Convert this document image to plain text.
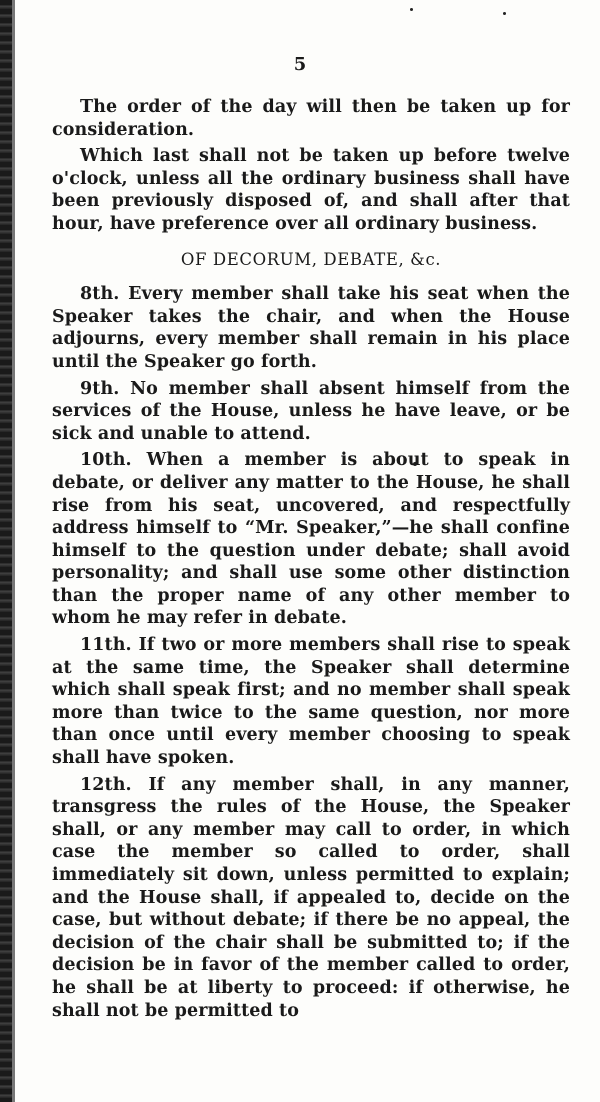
5

The order of the day will then be taken up for consideration.

Which last shall not be taken up before twelve o'clock, unless all the ordinary business shall have been previously disposed of, and shall after that hour, have preference over all ordinary business.

OF DECORUM, DEBATE, &c.

8th. Every member shall take his seat when the Speaker takes the chair, and when the House adjourns, every member shall remain in his place until the Speaker go forth.

9th. No member shall absent himself from the services of the House, unless he have leave, or be sick and unable to attend.

10th. When a member is about to speak in debate, or deliver any matter to the House, he shall rise from his seat, uncovered, and respectfully address himself to “Mr. Speaker,”—he shall confine himself to the question under debate; shall avoid personality; and shall use some other distinction than the proper name of any other member to whom he may refer in debate.

11th. If two or more members shall rise to speak at the same time, the Speaker shall determine which shall speak first; and no member shall speak more than twice to the same question, nor more than once until every member choosing to speak shall have spoken.

12th. If any member shall, in any manner, transgress the rules of the House, the Speaker shall, or any member may call to order, in which case the member so called to order, shall immediately sit down, unless permitted to explain; and the House shall, if appealed to, decide on the case, but without debate; if there be no appeal, the decision of the chair shall be submitted to; if the decision be in favor of the member called to order, he shall be at liberty to proceed: if otherwise, he shall not be permitted to
